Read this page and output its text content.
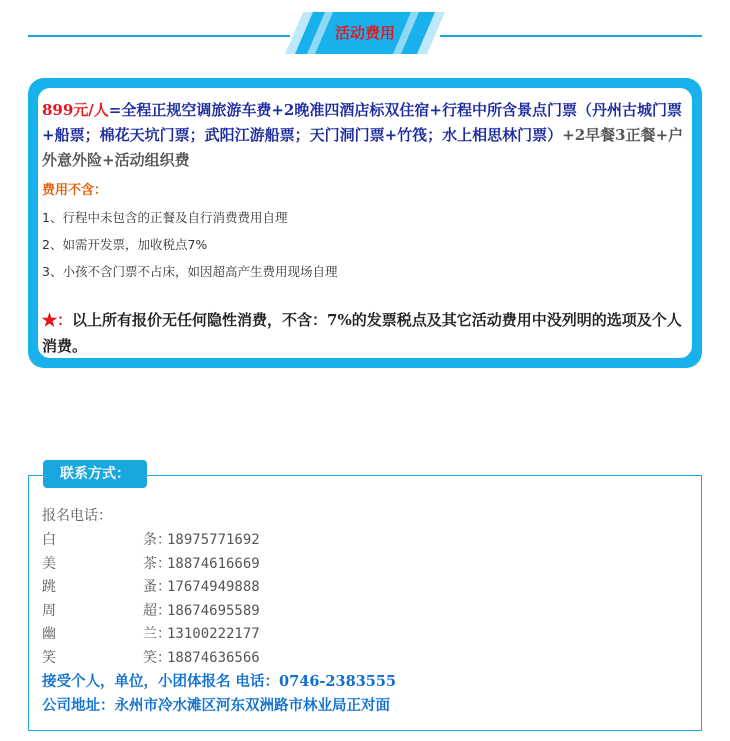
活动费用

899元/人=全程正规空调旅游车费+2晚准四酒店标双住宿+行程中所含景点门票（丹州古城门票+船票；棉花天坑门票；武阳江游船票；天门洞门票+竹筏；水上相思林门票）+2早餐3正餐+户外意外险+活动组织费

费用不含：
1、行程中未包含的正餐及自行消费费用自理
2、如需开发票，加收税点7%
3、小孩不含门票不占床，如因超高产生费用现场自理
★：以上所有报价无任何隐性消费，不含：7%的发票税点及其它活动费用中没列明的选项及个人消费。
联系方式：
报名电话：
白	条 ：
18975771692
美	茶 ：
18874616669
跳	蚤 ：
17674949888
周	超 ：
18674695589
幽	兰 ：
13100222177
笑	笑 ：
18874636566
接受个人，单位，小团体报名 电话：0746-2383555
公司地址：永州市冷水滩区河东双洲路市林业局正对面
